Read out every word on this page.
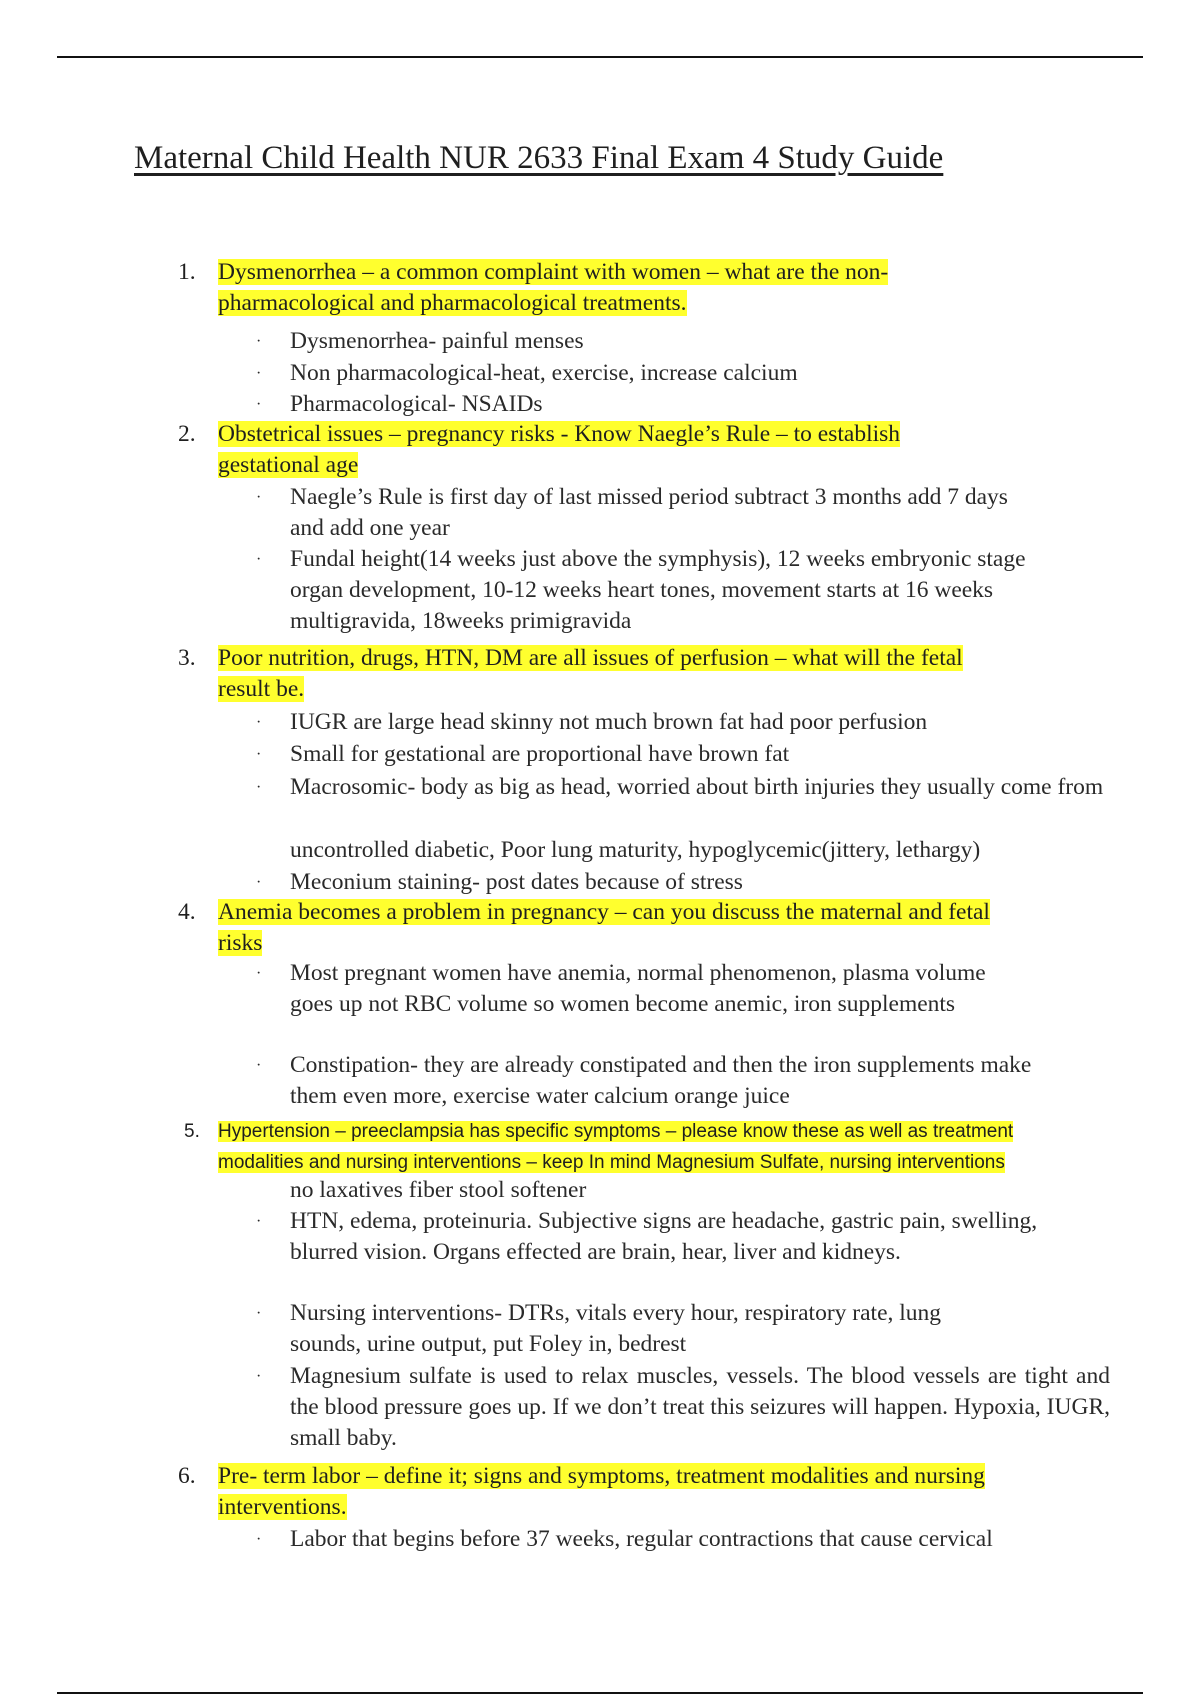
Maternal Child Health NUR 2633 Final Exam 4 Study Guide
1. Dysmenorrhea – a common complaint with women – what are the non-
pharmacological and pharmacological treatments.
· Dysmenorrhea- painful menses
· Non pharmacological-heat, exercise, increase calcium
· Pharmacological- NSAIDs
2. Obstetrical issues – pregnancy risks - Know Naegle’s Rule – to establish
gestational age
· Naegle’s Rule is first day of last missed period subtract 3 months add 7 days and add one year
· Fundal height(14 weeks just above the symphysis), 12 weeks embryonic stage organ development, 10-12 weeks heart tones, movement starts at 16 weeks multigravida, 18weeks primigravida
3. Poor nutrition, drugs, HTN, DM are all issues of perfusion – what will the fetal
result be.
· IUGR are large head skinny not much brown fat had poor perfusion
· Small for gestational are proportional have brown fat
· Macrosomic- body as big as head, worried about birth injuries they usually come from
uncontrolled diabetic, Poor lung maturity, hypoglycemic(jittery, lethargy)
· Meconium staining- post dates because of stress
4. Anemia becomes a problem in pregnancy – can you discuss the maternal and fetal
risks
· Most pregnant women have anemia, normal phenomenon, plasma volume goes up not RBC volume so women become anemic, iron supplements
· Constipation- they are already constipated and then the iron supplements make them even more, exercise water calcium orange juice
5. Hypertension – preeclampsia has specific symptoms – please know these as well as treatment
modalities and nursing interventions – keep In mind Magnesium Sulfate, nursing interventions
no laxatives fiber stool softener
· HTN, edema, proteinuria. Subjective signs are headache, gastric pain, swelling, blurred vision. Organs effected are brain, hear, liver and kidneys.
· Nursing interventions- DTRs, vitals every hour, respiratory rate, lung sounds, urine output, put Foley in, bedrest
· Magnesium sulfate is used to relax muscles, vessels. The blood vessels are tight and the blood pressure goes up. If we don’t treat this seizures will happen. Hypoxia, IUGR, small baby.
6. Pre- term labor – define it; signs and symptoms, treatment modalities and nursing
interventions.
· Labor that begins before 37 weeks, regular contractions that cause cervical
